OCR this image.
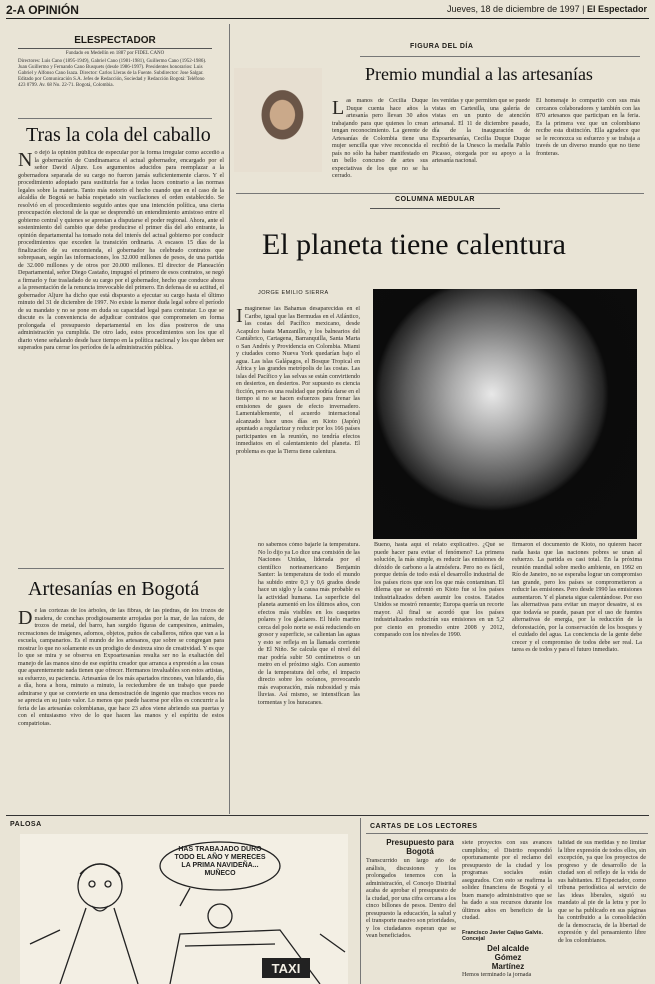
2-A OPINIÓN	Jueves, 18 de diciembre de 1997 | El Espectador
ELESPECTADOR
Fundado en Medellín en 1887 por FIDEL CANO
Directores: Luis Cano (1895-1949), Gabriel Cano (1981-1981), Guillermo Cano (1952-1986). Juan Guillermo y Fernando Cano Busquets (desde 1986-1997). Presidentes honorarios: Luis Gabriel y Alfonso Cano Isaza. Director: Carlos Lleras de la Fuente. Subdirector: Jose Salgar. Editado por Comunicación S.A. Jefes de Redacción, Sociedad y Redacción Bogotá: Teléfono 423 0799. Av. 68 No. 22-71. Bogotá, Colombia.
Tras la cola del caballo
No dejó la opinión pública de especular por la forma irregular como accedió a la gobernación de Cundinamarca el actual gobernador, encargado por el señor David Aljure. Los argumentos aducidos para reemplazar a la gobernadora separada de su cargo no fueron jamás suficientemente claros. Y el procedimiento adoptado para sustituirla fue a todas luces contrario a las normas legales sobre la materia. Tanto más notorio el hecho cuando que en el caso de la alcaldía de Bogotá se había respetado sin vacilaciones el orden establecido. Se resolvió en el procedimiento seguido antes que una intención política, una cierta preocupación electoral de la que se desprendió un entendimiento amistoso entre el gobierno central y quienes se aprestan a disputarse el poder regional. Ahora, ante el sostenimiento del cambio que debe producirse el primer día del año entrante, la opinión departamental ha tomado nota del interés del actual gobierno por conducir procedimientos que exceden la transición ordinaria. A escasos 15 días de la finalización de su encomienda, el gobernador ha celebrado contratos que sobrepasan, según las informaciones, los 32.000 millones de pesos, de una partida de 32.000 millones y de otros por 20.000 millones. El director de Planeación Departamental, señor Diego Castaño, impugnó el primero de esos contratos, se negó a firmarlo y fue trasladado de su cargo por el gobernador, hecho que conduce ahora a la presentación de la renuncia irrevocable del primero. En defensa de su actitud, el gobernador Aljure ha dicho que está dispuesto a ejecutar su cargo hasta el último minuto del 31 de diciembre de 1997. No existe la menor duda legal sobre el período de su mandato y no se pone en duda su capacidad legal para contratar. Lo que se discute es la conveniencia de adjudicar contratos que comprometen en forma prolongada el presupuesto departamental en los días postreros de una administración ya cumplida. De otro lado, estos procedimientos son los que el diario viene señalando desde hace tiempo en la política nacional y los que deben ser superados para cerrar los períodos de la administración pública.
Artesanías en Bogotá
De las cortezas de los árboles, de las fibras, de las piedras, de los trozos de madera, de conchas prodigiosamente arrojadas por la mar, de las raíces, de trozos de metal, del barro, han surgido figuras de campesinos, animales, recreaciones de imágenes, adornos, objetos, puños de caballeros, niños que van a la escuela, campanarios. Es el mundo de los artesanos, que sobre se congregan para mostrar lo que no solamente es un prodigio de destreza sino de creatividad. Y es que lo que se mira y se observa en Expoartesanías resulta ser no la exaltación del manejo de las manos sino de ese espíritu creador que arranca a expresión a las cosas que aparentemente nada tienen que ofrecer. Hermanos invaluables son estos artistas, su esfuerzo, su paciencia. Artesanías de los más apartados rincones, van hilando, día a día, hora a hora, minuto a minuto, la reciedumbre de un trabajo que puede admirarse y que se convierte en una demostración de ingenio que muchos veces no se aprecia en su justo valor. Lo menos que puede hacerse por ellos es concurrir a la feria de las artesanías colombianas, que hace 23 años viene abriendo sus puertas y con el entusiasmo vivo de lo que hacen las manos y el espíritu de estos compatriotas.
FIGURA DEL DÍA
Premio mundial a las artesanías
Las manos de Cecilia Duque Duque cuenta hace años la artesanía pero llevan 30 años trabajando para que quienes lo crean tengan reconocimiento. La gerente de Artesanías de Colombia tiene una mujer sencilla que vive reconocida el país no sólo ha haber manifestado en un bello concurso de artes sus expectativas de los que no se ha cerrado.
les venidas y que permiten que se puede vistas en Cartesilla, una galería de vistas en un punto de atención artesanal. El 11 de diciembre pasado, día de la inauguración de Expoartesanías, Cecilia Duque Duque recibió de la Unesco la medalla Pablo Picasso, otorgada por su apoyo a la artesanía nacional.
El homenaje lo compartió con sus más cercanos colaboradores y también con las 870 artesanos que participan en la feria. Es la primera vez que un colombiano recibe esta distinción. Ella agradece que se le reconozca su esfuerzo y se trabaja a través de un diverso mundo que no tiene fronteras.
COLUMNA MEDULAR
El planeta tiene calentura
JORGE EMILIO SIERRA
Imagínense las Bahamas desaparecidas en el Caribe, igual que las Bermudas en el Atlántico, las costas del Pacífico mexicano, desde Acapulco hasta Manzanillo, y los balnearios del Cantábrico, Cartagena, Barranquilla, Santa Marta o San Andrés y Providencia en Colombia. Miami y ciudades como Nueva York quedarían bajo el agua. Las islas Galápagos, el Bosque Tropical en África y las grandes metrópolis de las costas. Las islas del Pacífico y las selvas se están convirtiendo en desiertos, en desiertos. Por supuesto es ciencia ficción, pero es una realidad que podría darse en el tiempo si no se hacen esfuerzos para frenar las emisiones de gases de efecto invernadero. Lamentablemente, el acuerdo internacional alcanzado hace unos días en Kioto (Japón) apuntado a regularizar y reducir por los 166 países participantes en la reunión, no tendría efectos inmediatos en el calentamiento del planeta. El problema es que la Tierra tiene calentura.
no sabemos cómo bajarle la temperatura. No lo dijo ya Lo dice una comisión de las Naciones Unidas, liderada por el científico norteamericano Benjamin Santer: la temperatura de todo el mundo ha subido entre 0,3 y 0,6 grados desde hace un siglo y la causa más probable es la actividad humana. La superficie del planeta aumentó en los últimos años, con efectos más visibles en los casquetes polares y los glaciares. El hielo marino cerca del polo norte se está reduciendo en grosor y superficie, se calientan las aguas y esto se refleja en la llamada corriente de El Niño. Se calcula que el nivel del mar podría subir 50 centímetros o un metro en el próximo siglo. Con aumento de la temperatura del orbe, el impacto directo sobre los océanos, provocando más evaporación, más nubosidad y más lluvias. Así mismo, se intensifican las tormentas y los huracanes.
Bueno, hasta aquí el relato explicativo. ¿Qué se puede hacer para evitar el fenómeno? La primera solución, la más simple, es reducir las emisiones de dióxido de carbono a la atmósfera. Pero no es fácil, porque detrás de todo está el desarrollo industrial de los países ricos que son los que más contaminan. El dilema que se enfrentó en Kioto fue si los países industrializados deben asumir los costos. Estados Unidos se mostró renuente; Europa quería un recorte mayor. Al final se acordó que los países industrializados reducirán sus emisiones en un 5,2 por ciento en promedio entre 2008 y 2012, comparado con los niveles de 1990.
firmaron el documento de Kioto, no quieren hacer nada hasta que las naciones pobres se unan al esfuerzo. La partida es casi total. En la próxima reunión mundial sobre medio ambiente, en 1992 en Río de Janeiro, no se esperaba lograr un compromiso tan grande, pero los países se comprometieron a reducir las emisiones. Pero desde 1990 las emisiones aumentaron. Y el planeta sigue calentándose. Por eso las alternativas para evitar un mayor desastre, si es que todavía se puede, pasan por el uso de fuentes alternativas de energía, por la reducción de la deforestación, por la conservación de los bosques y el cuidado del agua. La conciencia de la gente debe crecer y el compromiso de todos debe ser real. La tarea es de todos y para el futuro inmediato.
PALOSA
TAXI
HAS TRABAJADO DURO TODO EL AÑO Y MERECES LA PRIMA NAVIDEÑA... MUÑECO
CARTAS DE LOS LECTORES
Presupuesto para Bogotá
Transcurrido un largo año de análisis, discusiones y los prolongados tenemos con la administración, el Concejo Distrital acaba de aprobar el presupuesto de la ciudad, por una cifra cercana a los cinco billones de pesos. Dentro del presupuesto la educación, la salud y el transporte masivo son prioridades, y los ciudadanos esperan que se vean beneficiados.
siete proyectos con sus avances cumplidos; el Distrito respondió oportunamente por el reclamo del presupuesto de la ciudad y los programas sociales están asegurados. Con esto se reafirma la solidez financiera de Bogotá y el buen manejo administrativo que se ha dado a sus recursos durante los últimos años en beneficio de la ciudad.
Francisco Javier Cajiao Galvis. Concejal
Del alcalde Gómez Martínez
Hemos terminado la jornada
talidad de sus medidas y no limitar la libre expresión de todos ellos, sin excepción, ya que los proyectos de progreso y de desarrollo de la ciudad son el reflejo de la vida de sus habitantes. El Espectador, como tribuna periodística al servicio de las ideas liberales, siguió su mandato al pie de la letra y por lo que se ha publicado en sus páginas ha contribuido a la consolidación de la democracia, de la libertad de expresión y del pensamiento libre de los colombianos.
